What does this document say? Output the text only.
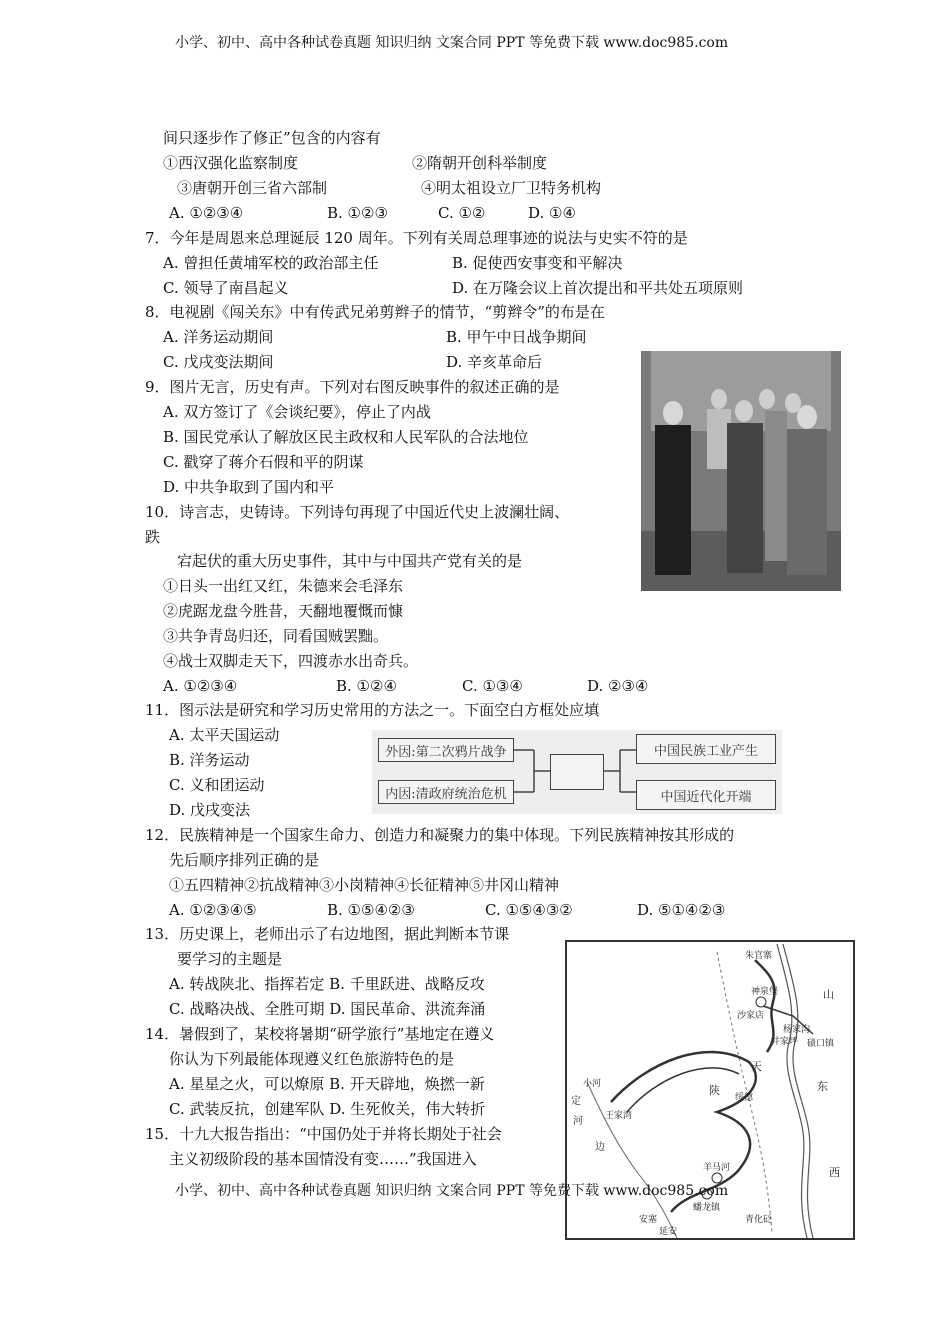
小学、初中、高中各种试卷真题 知识归纳 文案合同 PPT 等免费下载 www.doc985.com
间只逐步作了修正”包含的内容有
①西汉强化监察制度	②隋朝开创科举制度
③唐朝开创三省六部制	④明太祖设立厂卫特务机构
A. ①②③④	B. ①②③	C. ①②	D. ①④
7．今年是周恩来总理诞辰 120 周年。下列有关周总理事迹的说法与史实不符的是
A. 曾担任黄埔军校的政治部主任	B. 促使西安事变和平解决
C. 领导了南昌起义	D. 在万隆会议上首次提出和平共处五项原则
8．电视剧《闯关东》中有传武兄弟剪辫子的情节，“剪辫令”的布是在
A. 洋务运动期间	B. 甲午中日战争期间
C. 戊戌变法期间	D. 辛亥革命后
9．图片无言，历史有声。下列对右图反映事件的叙述正确的是
A. 双方签订了《会谈纪要》，停止了内战
B. 国民党承认了解放区民主政权和人民军队的合法地位
C. 戳穿了蒋介石假和平的阴谋
D. 中共争取到了国内和平
10．诗言志，史铸诗。下列诗句再现了中国近代史上波澜壮阔、
跌
宕起伏的重大历史事件，其中与中国共产党有关的是
①日头一出红又红，朱德来会毛泽东
②虎踞龙盘今胜昔，天翻地覆慨而慷
③共争青岛归还，同看国贼罢黜。
④战士双脚走天下，四渡赤水出奇兵。
A. ①②③④	B. ①②④	C. ①③④	D. ②③④
11．图示法是研究和学习历史常用的方法之一。下面空白方框处应填
A. 太平天国运动
B. 洋务运动
C. 义和团运动
D. 戊戌变法
外因:第二次鸦片战争
内因:清政府统治危机
中国民族工业产生
中国近代化开端
12．民族精神是一个国家生命力、创造力和凝聚力的集中体现。下列民族精神按其形成的
先后顺序排列正确的是
①五四精神②抗战精神③小岗精神④长征精神⑤井冈山精神
A. ①②③④⑤	B. ①⑤④②③	C. ①⑤④③②	D. ⑤①④②③
13．历史课上，老师出示了右边地图，据此判断本节课
要学习的主题是
A. 转战陕北、指挥若定 B. 千里跃进、战略反攻
C. 战略决战、全胜可期 D. 国民革命、洪流奔涌
14．暑假到了，某校将暑期“研学旅行”基地定在遵义
你认为下列最能体现遵义红色旅游特色的是
A. 星星之火，可以燎原 B. 开天辟地，焕撚一新
C. 武装反抗，创建军队 D. 生死攸关，伟大转折
15．十九大报告指出：“中国仍处于并将长期处于社会
主义初级阶段的基本国情没有变……”我国进入
朱官寨
神泉堡
沙家店
杨家沟
井家坪 碛口镇
山
西
东
天
陕
绥德
小河
王家湾
羊马河
蟠龙镇
安塞
延安
青化砭
河
定
边
小学、初中、高中各种试卷真题 知识归纳 文案合同 PPT 等免费下载 www.doc985.com
